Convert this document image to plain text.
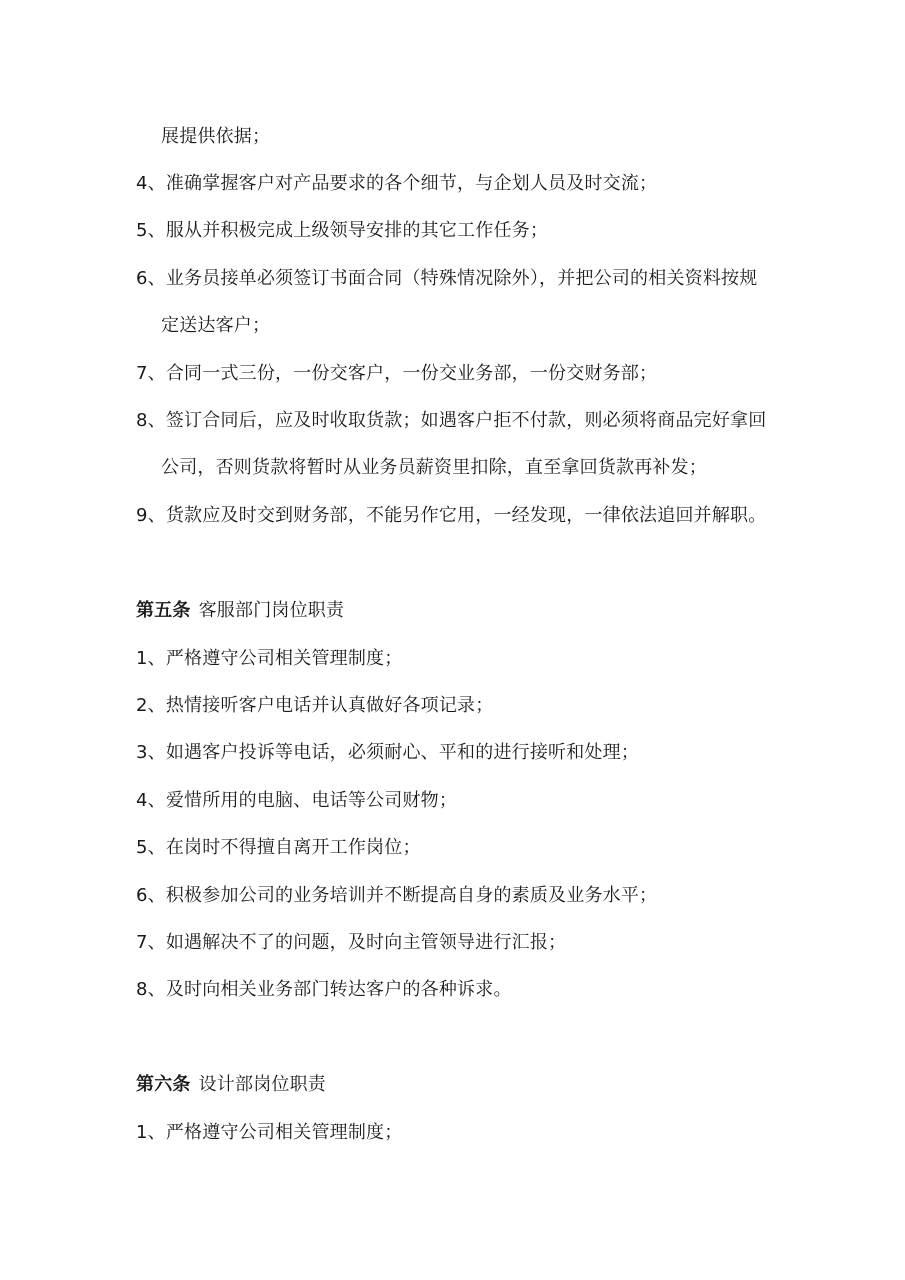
展提供依据；
4、准确掌握客户对产品要求的各个细节，与企划人员及时交流；
5、服从并积极完成上级领导安排的其它工作任务；
6、业务员接单必须签订书面合同（特殊情况除外），并把公司的相关资料按规
定送达客户；
7、合同一式三份，一份交客户，一份交业务部，一份交财务部；
8、签订合同后，应及时收取货款；如遇客户拒不付款，则必须将商品完好拿回
公司，否则货款将暂时从业务员薪资里扣除，直至拿回货款再补发；
9、货款应及时交到财务部，不能另作它用，一经发现，一律依法追回并解职。
第五条 客服部门岗位职责
1、严格遵守公司相关管理制度；
2、热情接听客户电话并认真做好各项记录；
3、如遇客户投诉等电话，必须耐心、平和的进行接听和处理；
4、爱惜所用的电脑、电话等公司财物；
5、在岗时不得擅自离开工作岗位；
6、积极参加公司的业务培训并不断提高自身的素质及业务水平；
7、如遇解决不了的问题，及时向主管领导进行汇报；
8、及时向相关业务部门转达客户的各种诉求。
第六条 设计部岗位职责
1、严格遵守公司相关管理制度；
